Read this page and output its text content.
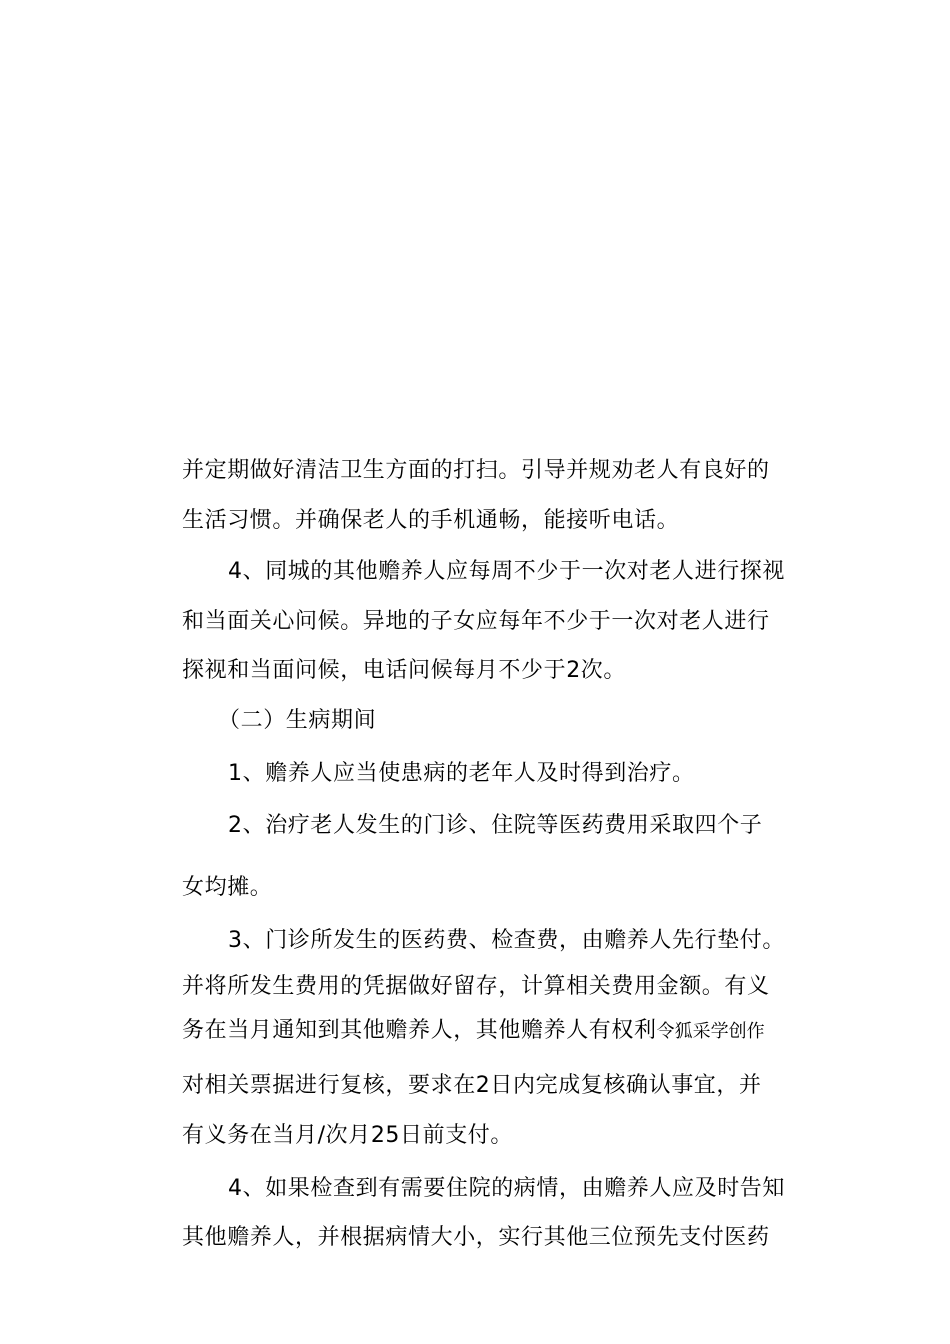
并定期做好清洁卫生方面的打扫。引导并规劝老人有良好的
生活习惯。并确保老人的手机通畅，能接听电话。
4、同城的其他赡养人应每周不少于一次对老人进行探视
和当面关心问候。异地的子女应每年不少于一次对老人进行
探视和当面问候，电话问候每月不少于2次。
（二）生病期间
1、赡养人应当使患病的老年人及时得到治疗。
2、治疗老人发生的门诊、住院等医药费用采取四个子
女均摊。
3、门诊所发生的医药费、检查费，由赡养人先行垫付。
并将所发生费用的凭据做好留存，计算相关费用金额。有义
务在当月通知到其他赡养人，其他赡养人有权利令狐采学创作
对相关票据进行复核，要求在2日内完成复核确认事宜，并
有义务在当月/次月25日前支付。
4、如果检查到有需要住院的病情，由赡养人应及时告知
其他赡养人，并根据病情大小，实行其他三位预先支付医药
